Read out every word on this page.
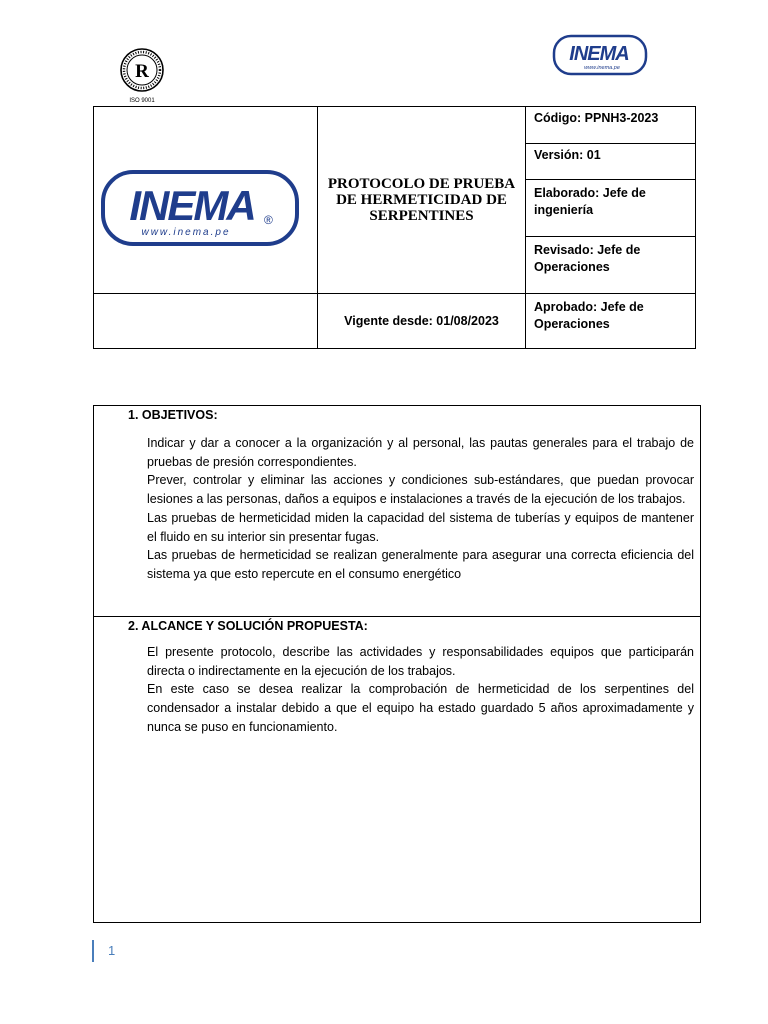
R
ISO 9001
INEMA
www.inema.pe
INEMA ®
www.inema.pe
PROTOCOLO DE PRUEBA DE HERMETICIDAD DE SERPENTINES
Código: PPNH3-2023
Versión: 01
Elaborado: Jefe de ingeniería
Revisado: Jefe de Operaciones
Aprobado: Jefe de Operaciones
Vigente desde: 01/08/2023
1. OBJETIVOS:

Indicar y dar a conocer a la organización y al personal, las pautas generales para el trabajo de pruebas de presión correspondientes.

Prever, controlar y eliminar las acciones y condiciones sub-estándares, que puedan provocar lesiones a las personas, daños a equipos e instalaciones a través de la ejecución de los trabajos.

Las pruebas de hermeticidad miden la capacidad del sistema de tuberías y equipos de mantener el fluido en su interior sin presentar fugas.

Las pruebas de hermeticidad se realizan generalmente para asegurar una correcta eficiencia del sistema ya que esto repercute en el consumo energético

2. ALCANCE Y SOLUCIÓN PROPUESTA:

El presente protocolo, describe las actividades y responsabilidades equipos que participarán directa o indirectamente en la ejecución de los trabajos.

En este caso se desea realizar la comprobación de hermeticidad de los serpentines del condensador a instalar debido a que el equipo ha estado guardado 5 años aproximadamente y nunca se puso en funcionamiento.

1
